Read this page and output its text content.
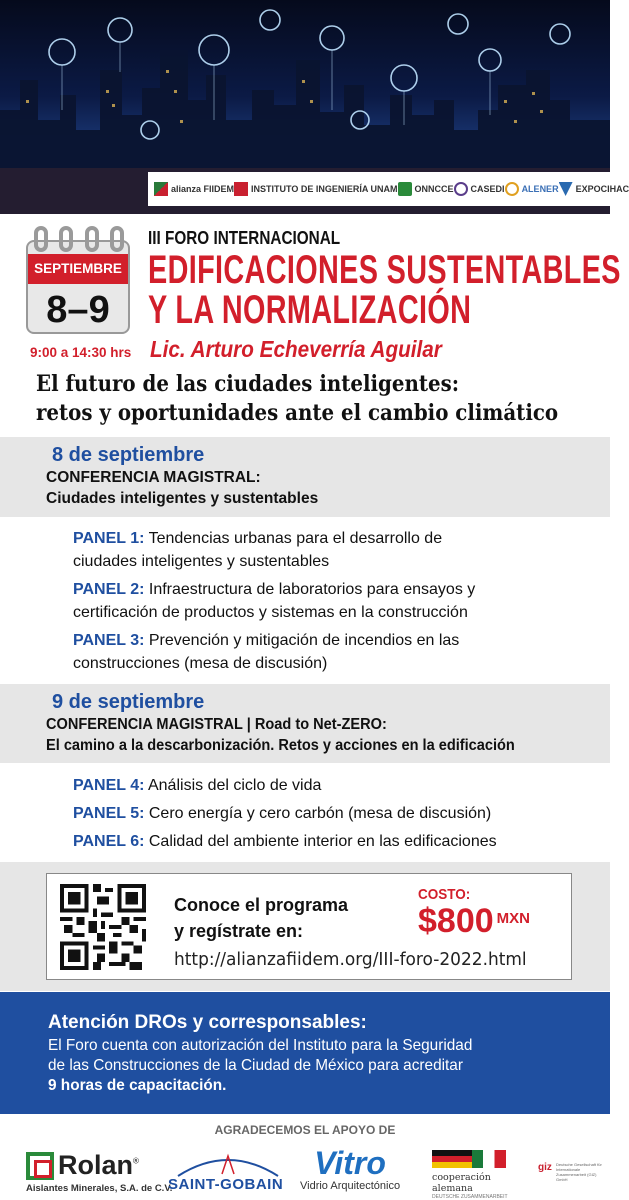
alianza FIIDEM INSTITUTO DE INGENIERÍA UNAM ONNCCE CASEDI ALENER EXPOCIHAC
SEPTIEMBRE
8–9
9:00 a 14:30 hrs
III FORO INTERNACIONAL
EDIFICACIONES SUSTENTABLES
Y LA NORMALIZACIÓN
Lic. Arturo Echeverría Aguilar
El futuro de las ciudades inteligentes:
retos y oportunidades ante el cambio climático
8 de septiembre
CONFERENCIA MAGISTRAL:
Ciudades inteligentes y sustentables
PANEL 1: Tendencias urbanas para el desarrollo de
ciudades inteligentes y sustentables
PANEL 2: Infraestructura de laboratorios para ensayos y
certificación de productos y sistemas en la construcción
PANEL 3: Prevención y mitigación de incendios en las
construcciones (mesa de discusión)
9 de septiembre
CONFERENCIA MAGISTRAL | Road to Net-ZERO:
El camino a la descarbonización. Retos y acciones en la edificación
PANEL 4: Análisis del ciclo de vida
PANEL 5: Cero energía y cero carbón (mesa de discusión)
PANEL 6: Calidad del ambiente interior en las edificaciones
Conoce el programa
y regístrate en:
COSTO:
$800 MXN
http://alianzafiidem.org/III-foro-2022.html
Atención DROs y corresponsables:
El Foro cuenta con autorización del Instituto para la Seguridad
de las Construcciones de la Ciudad de México para acreditar
9 horas de capacitación.
AGRADECEMOS EL APOYO DE
Rolan®
Aislantes Minerales, S.A. de C.V.
SAINT-GOBAIN
Vitro
Vidrio Arquitectónico
cooperación alemana
DEUTSCHE ZUSAMMENARBEIT
giz Deutsche Gesellschaft für Internationale Zusammenarbeit (GIZ) GmbH
